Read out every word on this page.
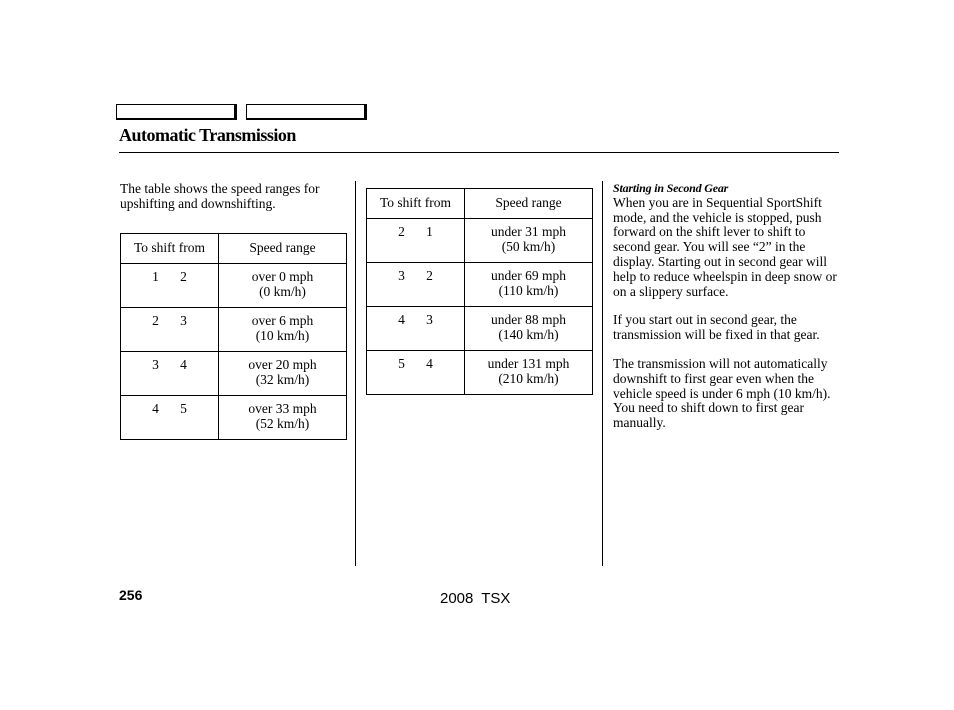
Automatic Transmission
The table shows the speed ranges for upshifting and downshifting.
To shift from	Speed range
1 2	over 0 mph
(0 km/h)

2 3	over 6 mph
(10 km/h)

3 4	over 20 mph
(32 km/h)

4 5	over 33 mph
(52 km/h)
To shift from	Speed range
2 1	under 31 mph
(50 km/h)

3 2	under 69 mph
(110 km/h)

4 3	under 88 mph
(140 km/h)

5 4	under 131 mph
(210 km/h)
Starting in Second Gear

When you are in Sequential SportShift mode, and the vehicle is stopped, push forward on the shift lever to shift to second gear. You will see “2” in the display. Starting out in second gear will help to reduce wheelspin in deep snow or on a slippery surface.

If you start out in second gear, the transmission will be fixed in that gear.

The transmission will not automatically downshift to first gear even when the vehicle speed is under 6 mph (10 km/h). You need to shift down to first gear manually.

256	2008 TSX
